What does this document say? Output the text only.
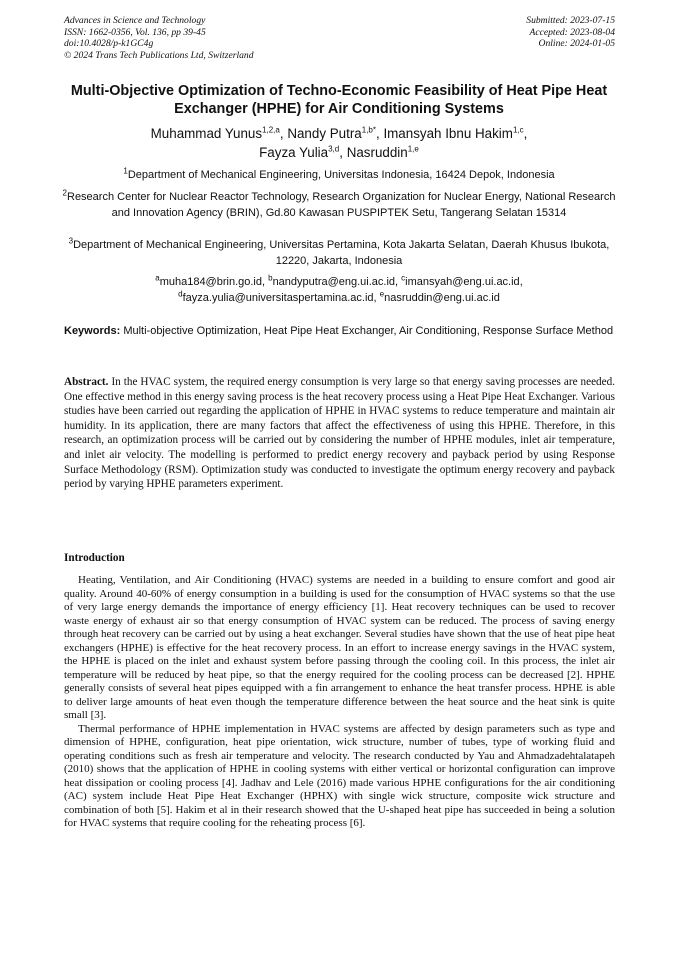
Advances in Science and Technology
ISSN: 1662-0356, Vol. 136, pp 39-45
doi:10.4028/p-k1GC4g
© 2024 Trans Tech Publications Ltd, Switzerland
Submitted: 2023-07-15
Accepted: 2023-08-04
Online: 2024-01-05
Multi-Objective Optimization of Techno-Economic Feasibility of Heat Pipe Heat Exchanger (HPHE) for Air Conditioning Systems
Muhammad Yunus$^{1,2,a}$, Nandy Putra$^{1,b*}$, Imansyah Ibnu Hakim$^{1,c}$,
Fayza Yulia$^{3,d}$, Nasruddin$^{1,e}$
$^1$Department of Mechanical Engineering, Universitas Indonesia, 16424 Depok, Indonesia
$^2$Research Center for Nuclear Reactor Technology, Research Organization for Nuclear Energy, National Research and Innovation Agency (BRIN), Gd.80 Kawasan PUSPIPTEK Setu, Tangerang Selatan 15314
$^3$Department of Mechanical Engineering, Universitas Pertamina, Kota Jakarta Selatan, Daerah Khusus Ibukota, 12220, Jakarta, Indonesia
$^a$muha184@brin.go.id, $^b$nandyputra@eng.ui.ac.id, $^c$imansyah@eng.ui.ac.id,
$^d$fayza.yulia@universitaspertamina.ac.id, $^e$nasruddin@eng.ui.ac.id
Keywords: Multi-objective Optimization, Heat Pipe Heat Exchanger, Air Conditioning, Response Surface Method

Abstract. In the HVAC system, the required energy consumption is very large so that energy saving processes are needed. One effective method in this energy saving process is the heat recovery process using a Heat Pipe Heat Exchanger. Various studies have been carried out regarding the application of HPHE in HVAC systems to reduce temperature and maintain air humidity. In its application, there are many factors that affect the effectiveness of using this HPHE. Therefore, in this research, an optimization process will be carried out by considering the number of HPHE modules, inlet air temperature, and inlet air velocity. The modelling is performed to predict energy recovery and payback period by using Response Surface Methodology (RSM). Optimization study was conducted to investigate the optimum energy recovery and payback period by varying HPHE parameters experiment.

Introduction

Heating, Ventilation, and Air Conditioning (HVAC) systems are needed in a building to ensure comfort and good air quality. Around 40-60% of energy consumption in a building is used for the consumption of HVAC systems so that the use of very large energy demands the importance of energy efficiency [1]. Heat recovery techniques can be used to recover waste energy of exhaust air so that energy consumption of HVAC system can be reduced. The process of saving energy through heat recovery can be carried out by using a heat exchanger. Several studies have shown that the use of heat pipe heat exchangers (HPHE) is effective for the heat recovery process. In an effort to increase energy savings in the HVAC system, the HPHE is placed on the inlet and exhaust system before passing through the cooling coil. In this process, the inlet air temperature will be reduced by heat pipe, so that the energy required for the cooling process can be decreased [2]. HPHE generally consists of several heat pipes equipped with a fin arrangement to enhance the heat transfer process. HPHE is able to deliver large amounts of heat even though the temperature difference between the heat source and the heat sink is quite small [3].

Thermal performance of HPHE implementation in HVAC systems are affected by design parameters such as type and dimension of HPHE, configuration, heat pipe orientation, wick structure, number of tubes, type of working fluid and operating conditions such as fresh air temperature and velocity. The research conducted by Yau and Ahmadzadehtalatapeh (2010) shows that the application of HPHE in cooling systems with either vertical or horizontal configuration can improve heat dissipation or cooling process [4]. Jadhav and Lele (2016) made various HPHE configurations for the air conditioning (AC) system include Heat Pipe Heat Exchanger (HPHX) with single wick structure, composite wick structure and combination of both [5]. Hakim et al in their research showed that the U-shaped heat pipe has succeeded in being a solution for HVAC systems that require cooling for the reheating process [6].
